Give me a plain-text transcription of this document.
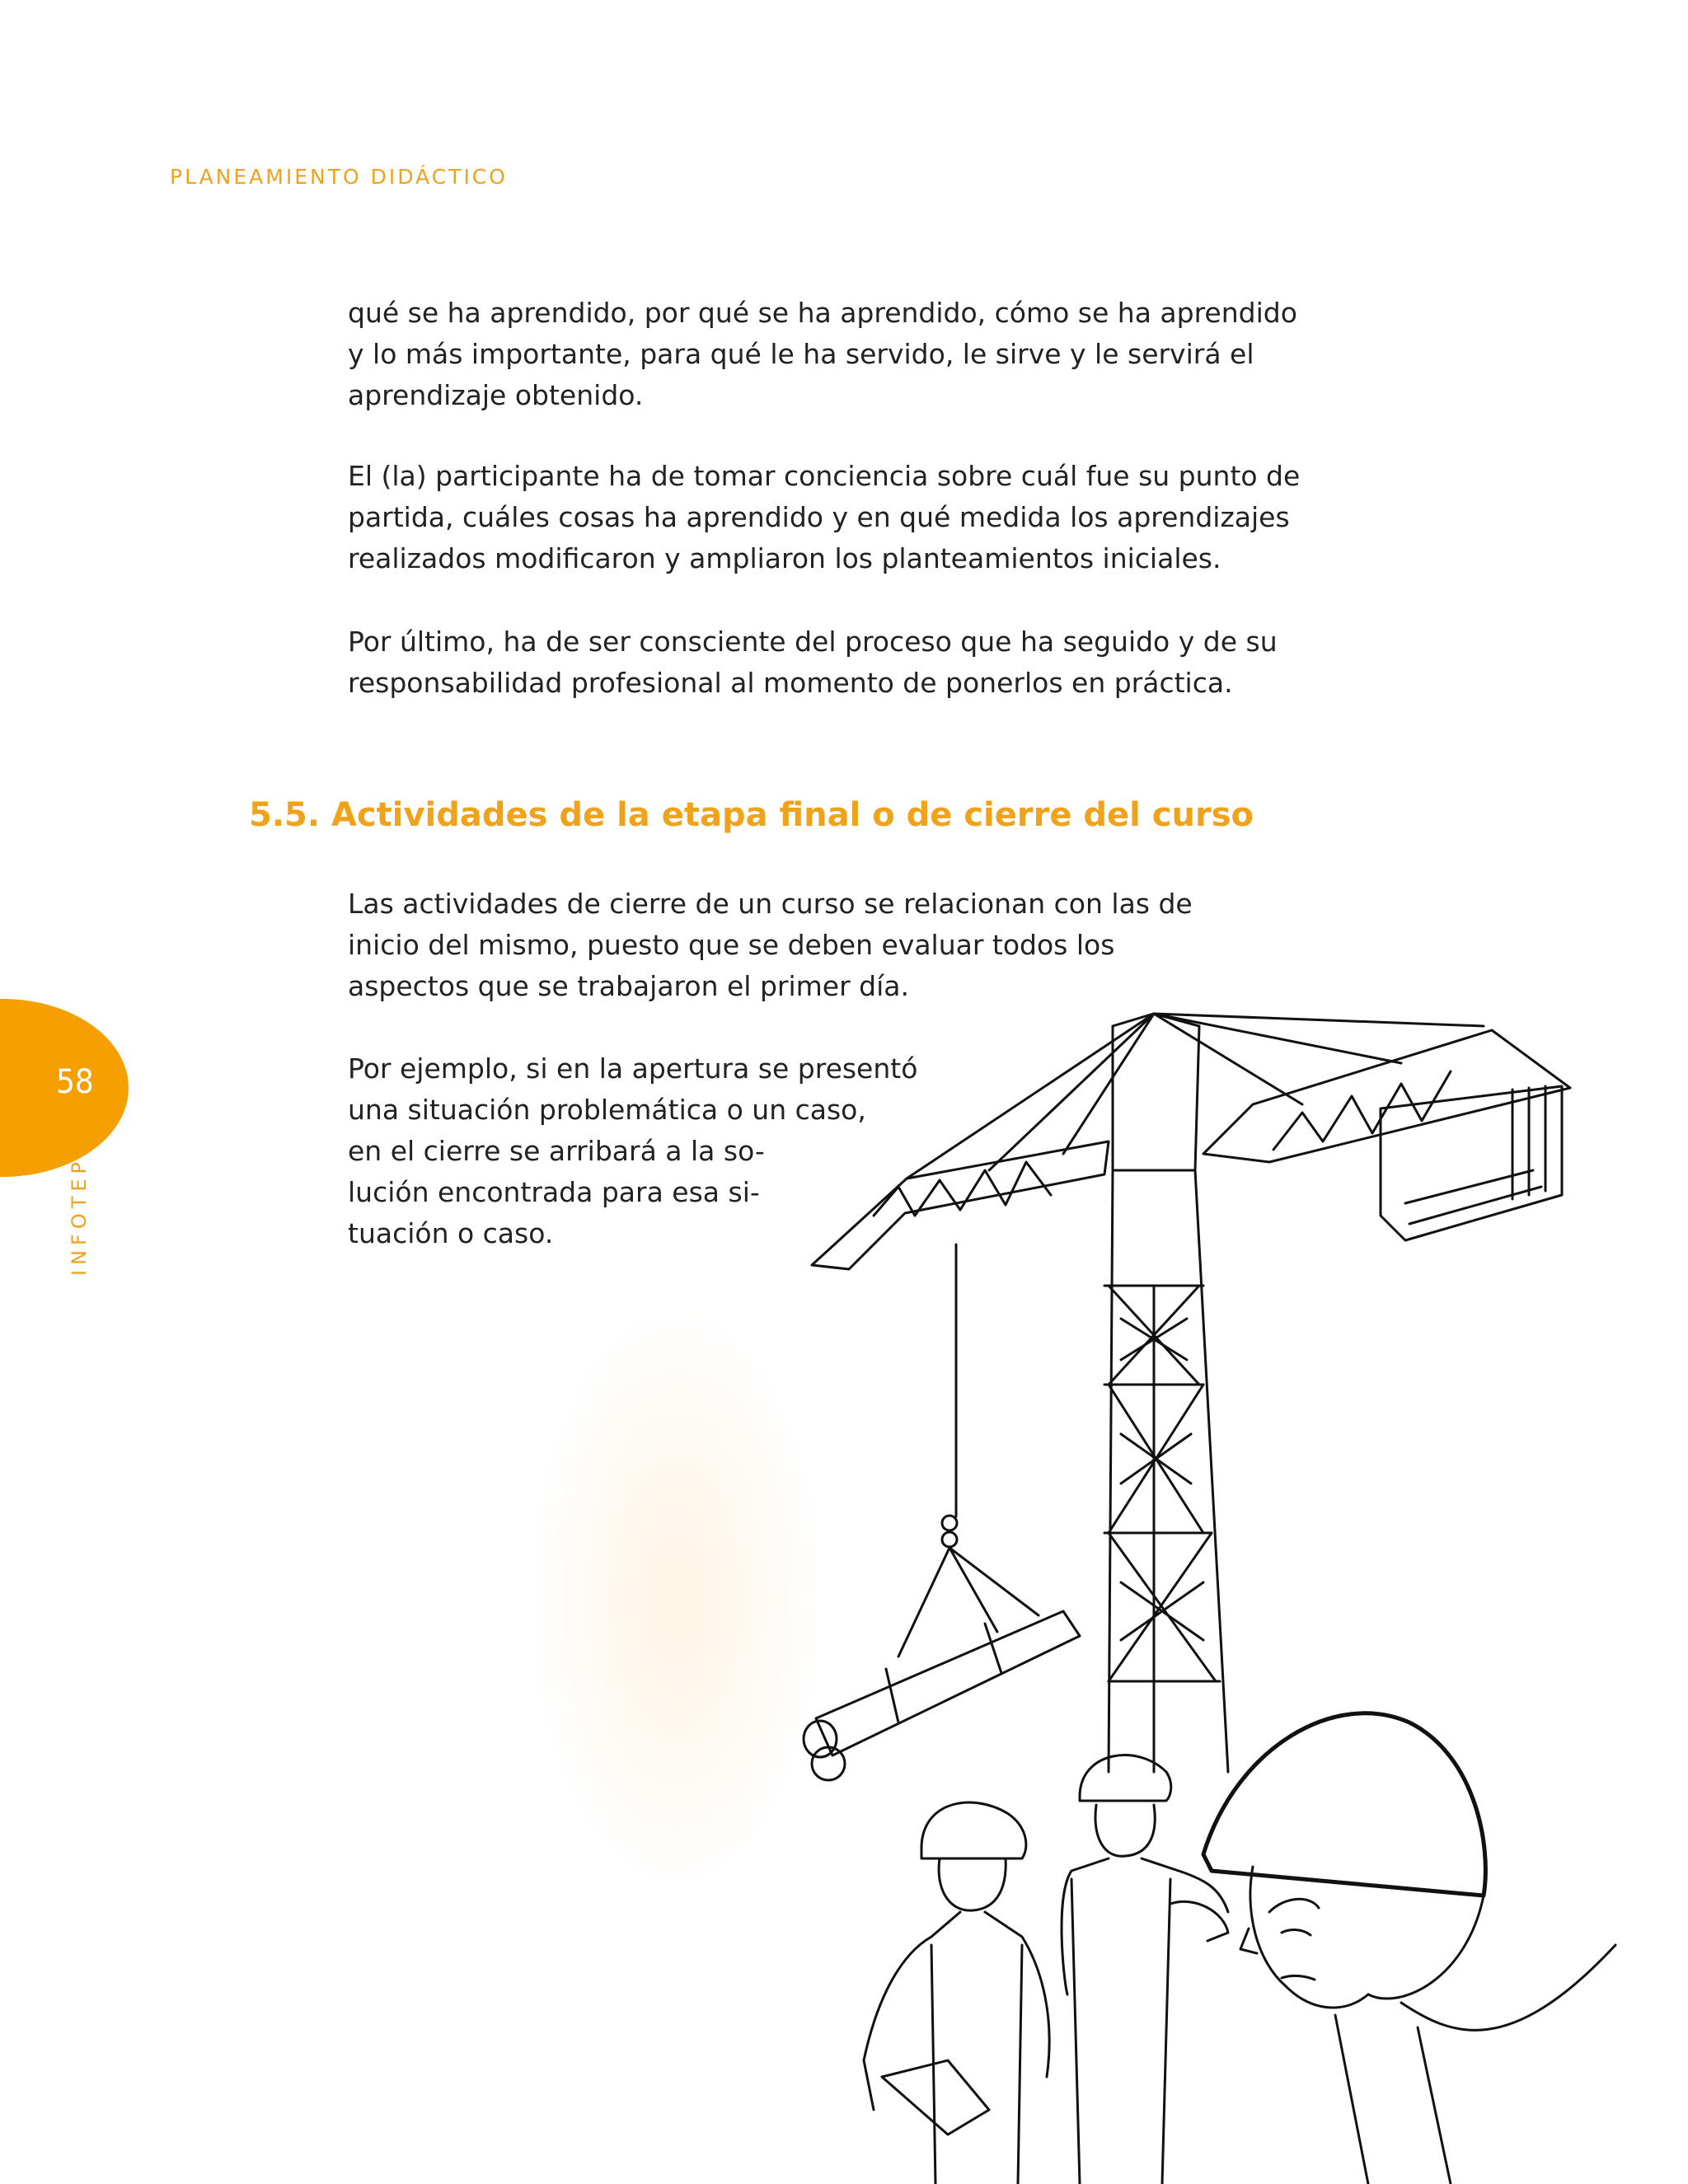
PLANEAMIENTO DIDÁCTICO
58
INFOTEP

qué se ha aprendido, por qué se ha aprendido, cómo se ha aprendido
y lo más importante, para qué le ha servido, le sirve y le servirá el
aprendizaje obtenido.

El (la) participante ha de tomar conciencia sobre cuál fue su punto de
partida, cuáles cosas ha aprendido y en qué medida los aprendizajes
realizados modificaron y ampliaron los planteamientos iniciales.

Por último, ha de ser consciente del proceso que ha seguido y de su
responsabilidad profesional al momento de ponerlos en práctica.

5.5. Actividades de la etapa final o de cierre del curso

Las actividades de cierre de un curso se relacionan con las de
inicio del mismo, puesto que se deben evaluar todos los
aspectos que se trabajaron el primer día.

Por ejemplo, si en la apertura se presentó
una situación problemática o un caso,
en el cierre se arribará a la so-
lución encontrada para esa si-
tuación o caso.
